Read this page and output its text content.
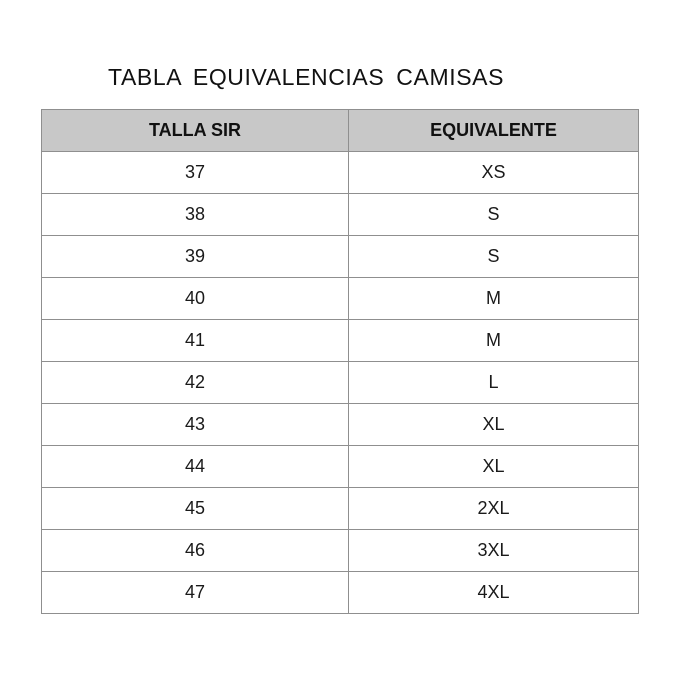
TABLA EQUIVALENCIAS CAMISAS
TALLA SIR	EQUIVALENTE
37	XS
38	S
39	S
40	M
41	M
42	L
43	XL
44	XL
45	2XL
46	3XL
47	4XL
